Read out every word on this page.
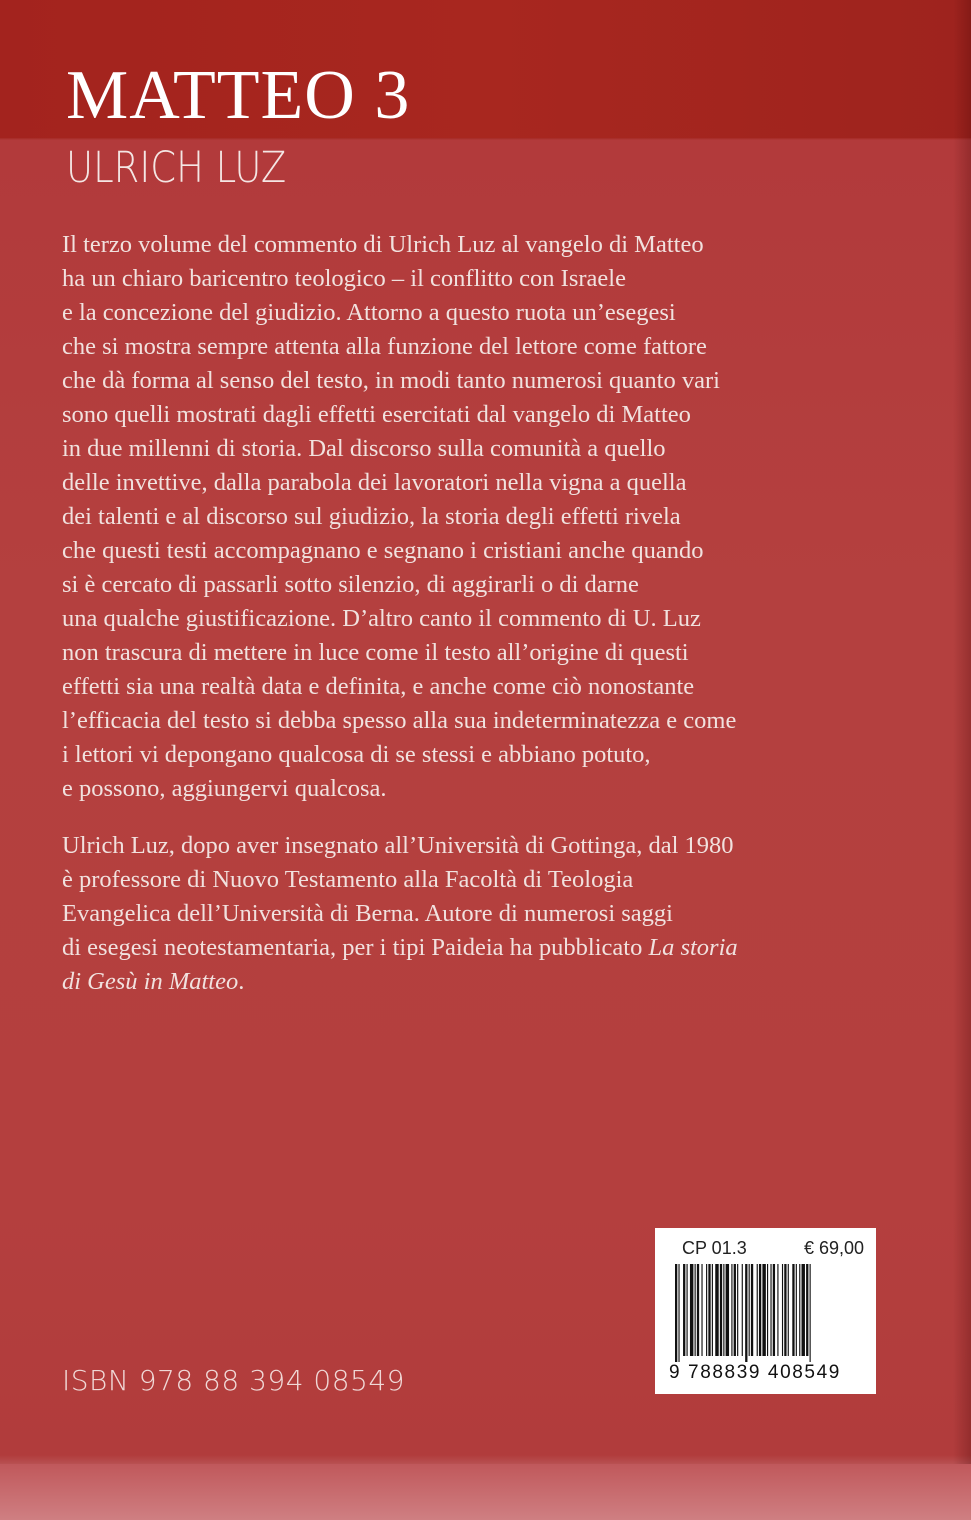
MATTEO 3
ULRICH LUZ
Il terzo volume del commento di Ulrich Luz al vangelo di Matteo
ha un chiaro baricentro teologico – il conflitto con Israele
e la concezione del giudizio. Attorno a questo ruota un’esegesi
che si mostra sempre attenta alla funzione del lettore come fattore
che dà forma al senso del testo, in modi tanto numerosi quanto vari
sono quelli mostrati dagli effetti esercitati dal vangelo di Matteo
in due millenni di storia. Dal discorso sulla comunità a quello
delle invettive, dalla parabola dei lavoratori nella vigna a quella
dei talenti e al discorso sul giudizio, la storia degli effetti rivela
che questi testi accompagnano e segnano i cristiani anche quando
si è cercato di passarli sotto silenzio, di aggirarli o di darne
una qualche giustificazione. D’altro canto il commento di U. Luz
non trascura di mettere in luce come il testo all’origine di questi
effetti sia una realtà data e definita, e anche come ciò nonostante
l’efficacia del testo si debba spesso alla sua indeterminatezza e come
i lettori vi depongano qualcosa di se stessi e abbiano potuto,
e possono, aggiungervi qualcosa.
Ulrich Luz, dopo aver insegnato all’Università di Gottinga, dal 1980
è professore di Nuovo Testamento alla Facoltà di Teologia
Evangelica dell’Università di Berna. Autore di numerosi saggi
di esegesi neotestamentaria, per i tipi Paideia ha pubblicato La storia
di Gesù in Matteo.
ISBN 978 88 394 08549
CP 01.3	€ 69,00
9 788839 408549
